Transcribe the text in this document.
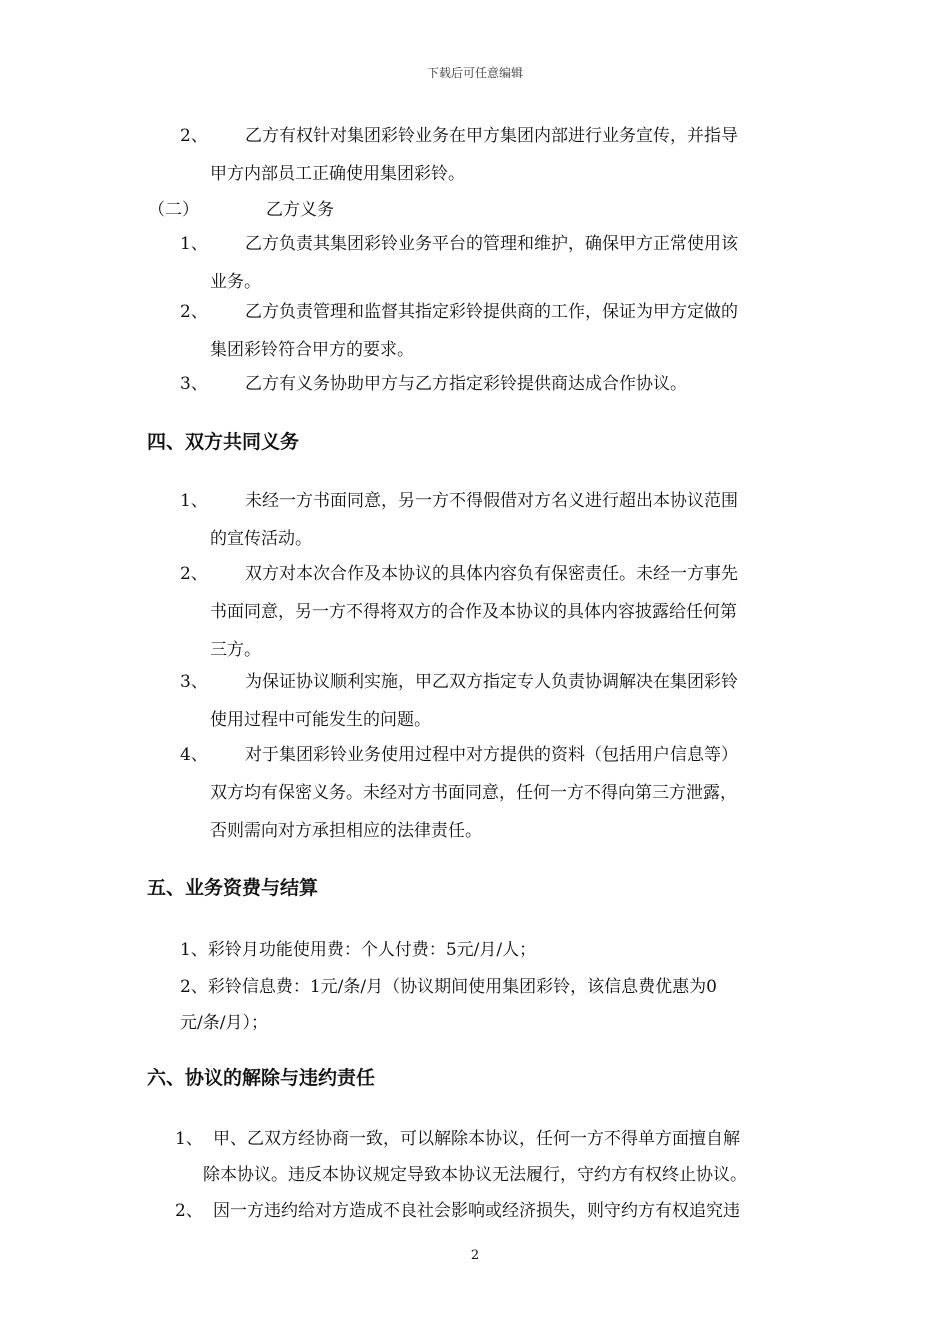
下载后可任意编辑
2、 乙方有权针对集团彩铃业务在甲方集团内部进行业务宣传，并指导
甲方内部员工正确使用集团彩铃。
（二）	乙方义务
1、 乙方负责其集团彩铃业务平台的管理和维护，确保甲方正常使用该
业务。
2、 乙方负责管理和监督其指定彩铃提供商的工作，保证为甲方定做的
集团彩铃符合甲方的要求。
3、 乙方有义务协助甲方与乙方指定彩铃提供商达成合作协议。
四、双方共同义务
1、 未经一方书面同意，另一方不得假借对方名义进行超出本协议范围
的宣传活动。
2、 双方对本次合作及本协议的具体内容负有保密责任。未经一方事先
书面同意，另一方不得将双方的合作及本协议的具体内容披露给任何第
三方。
3、 为保证协议顺利实施，甲乙双方指定专人负责协调解决在集团彩铃
使用过程中可能发生的问题。
4、 对于集团彩铃业务使用过程中对方提供的资料（包括用户信息等）
双方均有保密义务。未经对方书面同意，任何一方不得向第三方泄露，
否则需向对方承担相应的法律责任。
五、业务资费与结算
1、彩铃月功能使用费：个人付费：5元/月/人；
2、彩铃信息费：1元/条/月（协议期间使用集团彩铃，该信息费优惠为0
元/条/月）；
六、协议的解除与违约责任
1、 甲、乙双方经协商一致，可以解除本协议，任何一方不得单方面擅自解
除本协议。违反本协议规定导致本协议无法履行，守约方有权终止协议。
2、 因一方违约给对方造成不良社会影响或经济损失，则守约方有权追究违
2
